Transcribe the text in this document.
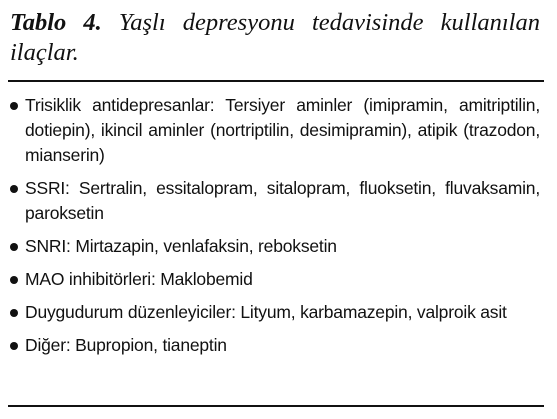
Tablo 4. Yaşlı depresyonu tedavisinde kullanılan ilaçlar.
Trisiklik antidepresanlar: Tersiyer aminler (imipramin, amitriptilin, dotiepin), ikincil aminler (nortriptilin, desimipramin), atipik (trazodon, mianserin)
SSRI: Sertralin, essitalopram, sitalopram, fluoksetin, fluvaksamin, paroksetin
SNRI: Mirtazapin, venlafaksin, reboksetin
MAO inhibitörleri: Maklobemid
Duygudurum düzenleyiciler: Lityum, karbamazepin, valproik asit
Diğer: Bupropion, tianeptin
